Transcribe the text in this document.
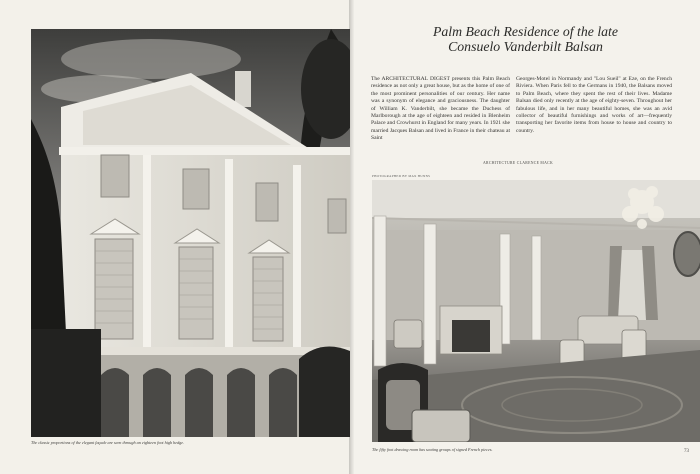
The classic proportions of the elegant façade are seen through an eighteen foot high hedge.
Palm Beach Residence of the late
Consuelo Vanderbilt Balsan
The ARCHITECTURAL DIGEST presents this Palm Beach residence as not only a great house, but as the home of one of the most prominent personalities of our century. Her name was a synonym of elegance and graciousness. The daughter of William K. Vanderbilt, she became the Duchess of Marlborough at the age of eighteen and resided in Blenheim Palace and Crowhurst in England for many years. In 1921 she married Jacques Balsan and lived in France in their chateau at Saint
Georges-Motel in Normandy and "Lou Sueil" at Eze, on the French Riviera. When Paris fell to the Germans in 1940, the Balsans moved to Palm Beach, where they spent the rest of their lives. Madame Balsan died only recently at the age of eighty-seven. Throughout her fabulous life, and in her many beautiful homes, she was an avid collector of beautiful furnishings and works of art—frequently transporting her favorite items from house to house and country to country.
ARCHITECTURE CLARENCE MACK
PHOTOGRAPHED BY MAX HUNNS
The fifty foot drawing room has seating groups of signed French pieces.	73
